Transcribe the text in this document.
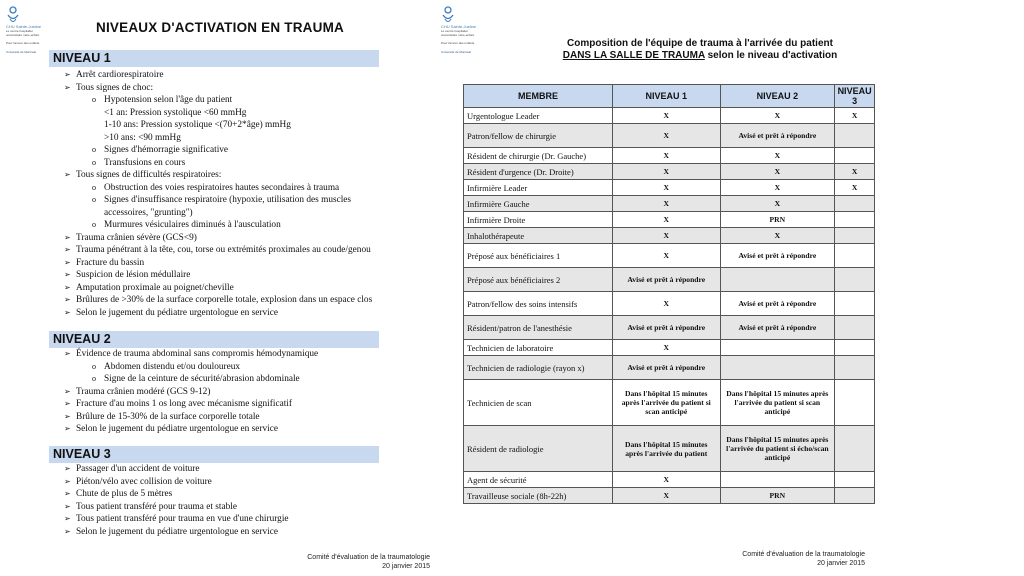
CHU Sainte-Justine
Le centre hospitalier universitaire mère-enfant
Pour l'amour des enfants
Université de Montréal
NIVEAUX D'ACTIVATION EN TRAUMA
NIVEAU 1
➢ Arrêt cardiorespiratoire
➢ Tous signes de choc:
o Hypotension selon l'âge du patient
<1 an: Pression systolique <60 mmHg
1-10 ans: Pression systolique <(70+2*âge) mmHg
>10 ans: <90 mmHg
o Signes d'hémorragie significative
o Transfusions en cours
➢ Tous signes de difficultés respiratoires:
o Obstruction des voies respiratoires hautes secondaires à trauma
o Signes d'insuffisance respiratoire (hypoxie, utilisation des muscles accessoires, "grunting")
o Murmures vésiculaires diminués à l'ausculation
➢ Trauma crânien sévère (GCS<9)
➢ Trauma pénétrant à la tête, cou, torse ou extrémités proximales au coude/genou
➢ Fracture du bassin
➢ Suspicion de lésion médullaire
➢ Amputation proximale au poignet/cheville
➢ Brûlures de >30% de la surface corporelle totale, explosion dans un espace clos
➢ Selon le jugement du pédiatre urgentologue en service
NIVEAU 2
➢ Évidence de trauma abdominal sans compromis hémodynamique
o Abdomen distendu et/ou douloureux
o Signe de la ceinture de sécurité/abrasion abdominale
➢ Trauma crânien modéré (GCS 9-12)
➢ Fracture d'au moins 1 os long avec mécanisme significatif
➢ Brûlure de 15-30% de la surface corporelle totale
➢ Selon le jugement du pédiatre urgentologue en service
NIVEAU 3
➢ Passager d'un accident de voiture
➢ Piéton/vélo avec collision de voiture
➢ Chute de plus de 5 mètres
➢ Tous patient transféré pour trauma et stable
➢ Tous patient transféré pour trauma en vue d'une chirurgie
➢ Selon le jugement du pédiatre urgentologue en service
Comité d'évaluation de la traumatologie
20 janvier 2015
CHU Sainte-Justine
Le centre hospitalier universitaire mère-enfant
Pour l'amour des enfants
Université de Montréal
Composition de l'équipe de trauma à l'arrivée du patient
DANS LA SALLE DE TRAUMA selon le niveau d'activation
MEMBRE	NIVEAU 1	NIVEAU 2	NIVEAU 3
Urgentologue Leader	X	X	X
Patron/fellow de chirurgie	X	Avisé et prêt à répondre	
Résident de chirurgie (Dr. Gauche)	X	X	
Résident d'urgence (Dr. Droite)	X	X	X
Infirmière Leader	X	X	X
Infirmière Gauche	X	X	
Infirmière Droite	X	PRN	
Inhalothérapeute	X	X	
Préposé aux bénéficiaires 1	X	Avisé et prêt à répondre	
Préposé aux bénéficiaires 2	Avisé et prêt à répondre		
Patron/fellow des soins intensifs	X	Avisé et prêt à répondre	
Résident/patron de l'anesthésie	Avisé et prêt à répondre	Avisé et prêt à répondre	
Technicien de laboratoire	X		
Technicien de radiologie (rayon x)	Avisé et prêt à répondre		
Technicien de scan	Dans l'hôpital 15 minutes après l'arrivée du patient si scan anticipé	Dans l'hôpital 15 minutes après l'arrivée du patient si scan anticipé	
Résident de radiologie	Dans l'hôpital 15 minutes après l'arrivée du patient	Dans l'hôpital 15 minutes après l'arrivée du patient si écho/scan anticipé	
Agent de sécurité	X		
Travailleuse sociale (8h-22h)	X	PRN	
Comité d'évaluation de la traumatologie
20 janvier 2015
